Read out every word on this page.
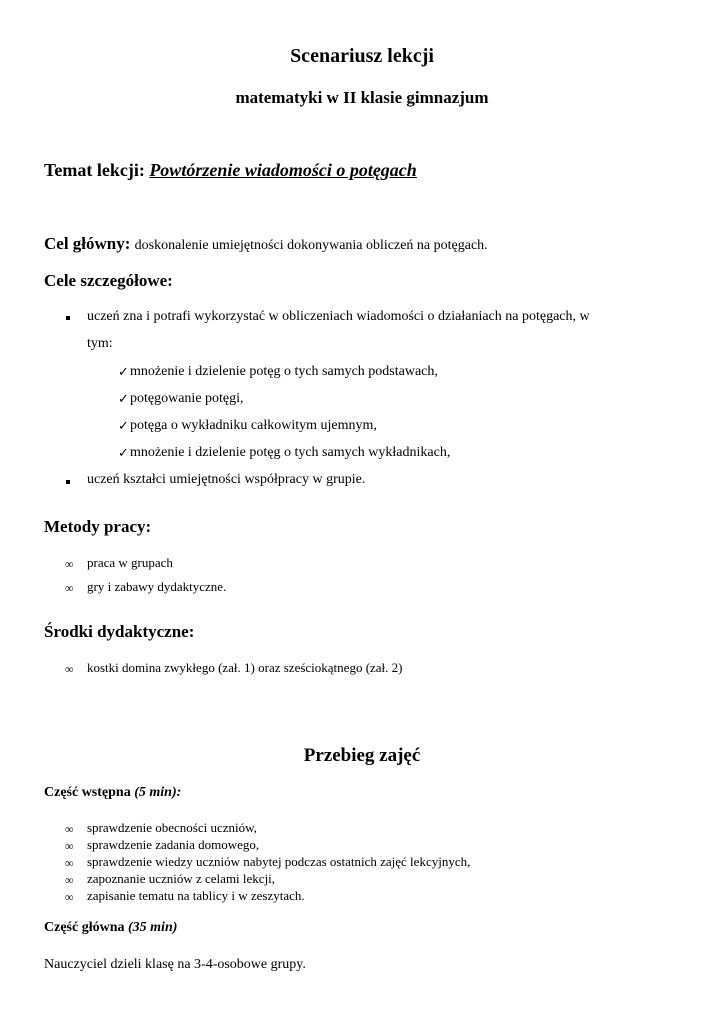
Scenariusz lekcji
matematyki w II klasie gimnazjum
Temat lekcji: Powtórzenie wiadomości o potęgach
Cel główny: doskonalenie umiejętności dokonywania obliczeń na potęgach.
Cele szczegółowe:
uczeń zna i potrafi wykorzystać w obliczeniach wiadomości o działaniach na potęgach, w
tym:
✓ mnożenie i dzielenie potęg o tych samych podstawach,
✓ potęgowanie potęgi,
✓ potęga o wykładniku całkowitym ujemnym,
✓ mnożenie i dzielenie potęg o tych samych wykładnikach,
uczeń kształci umiejętności współpracy w grupie.
Metody pracy:
∞ praca w grupach
∞ gry i zabawy dydaktyczne.
Środki dydaktyczne:
∞ kostki domina zwykłego (zał. 1) oraz sześciokątnego (zał. 2)
Przebieg zajęć
Część wstępna (5 min):
∞ sprawdzenie obecności uczniów,
∞ sprawdzenie zadania domowego,
∞ sprawdzenie wiedzy uczniów nabytej podczas ostatnich zajęć lekcyjnych,
∞ zapoznanie uczniów z celami lekcji,
∞ zapisanie tematu na tablicy i w zeszytach.
Część główna (35 min)
Nauczyciel dzieli klasę na 3-4-osobowe grupy.
